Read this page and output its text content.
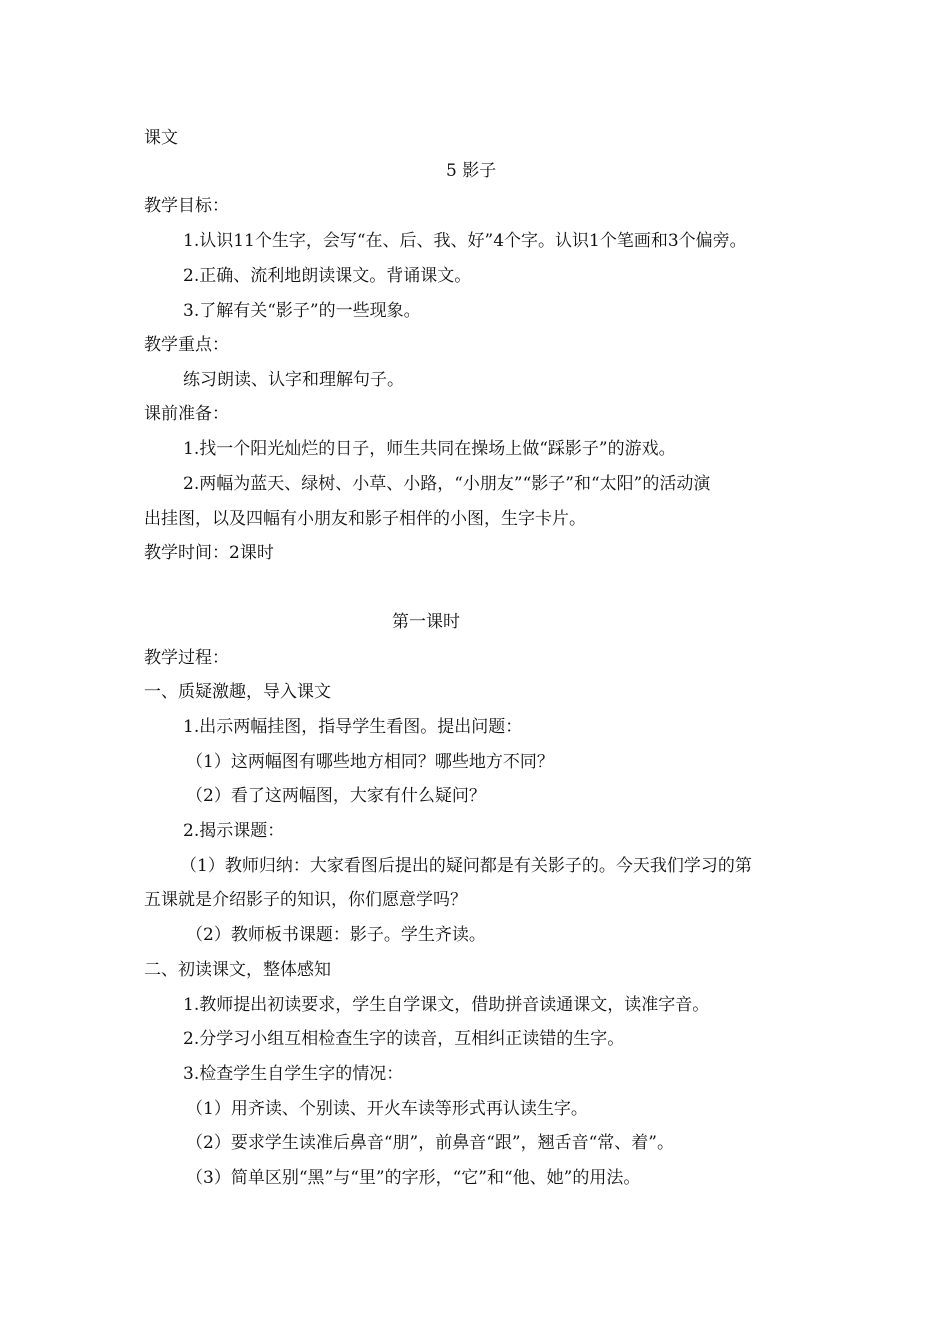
课文
5 影子
教学目标：
1.认识11个生字，会写“在、后、我、好”4个字。认识1个笔画和3个偏旁。
2.正确、流利地朗读课文。背诵课文。
3.了解有关“影子”的一些现象。
教学重点：
练习朗读、认字和理解句子。
课前准备：
1.找一个阳光灿烂的日子，师生共同在操场上做“踩影子”的游戏。
2.两幅为蓝天、绿树、小草、小路，“小朋友”“影子”和“太阳”的活动演
出挂图，以及四幅有小朋友和影子相伴的小图，生字卡片。
教学时间：2课时
第一课时
教学过程：
一、质疑激趣，导入课文
1.出示两幅挂图，指导学生看图。提出问题：
（1）这两幅图有哪些地方相同？哪些地方不同？
（2）看了这两幅图，大家有什么疑问？
2.揭示课题：
（1）教师归纳：大家看图后提出的疑问都是有关影子的。今天我们学习的第
五课就是介绍影子的知识，你们愿意学吗？
（2）教师板书课题：影子。学生齐读。
二、初读课文，整体感知
1.教师提出初读要求，学生自学课文，借助拼音读通课文，读准字音。
2.分学习小组互相检查生字的读音，互相纠正读错的生字。
3.检查学生自学生字的情况：
（1）用齐读、个别读、开火车读等形式再认读生字。
（2）要求学生读准后鼻音“朋”，前鼻音“跟”，翘舌音“常、着”。
（3）简单区别“黑”与“里”的字形，“它”和“他、她”的用法。
